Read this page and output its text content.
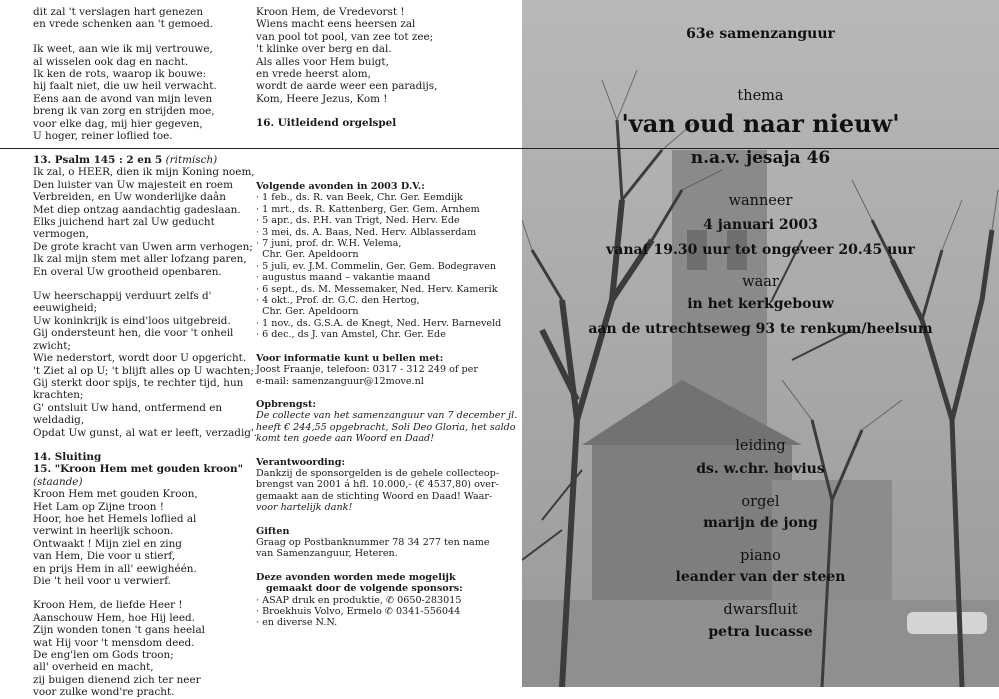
63e samenzanguur
thema
'van oud naar nieuw'
n.a.v. jesaja 46
wanneer
4 januari 2003
vanaf 19.30 uur tot ongeveer 20.45 uur
waar
in het kerkgebouw
aan de utrechtseweg 93 te renkum/heelsum
leiding
ds. w.chr. hovius
orgel
marijn de jong
piano
leander van der steen
dwarsfluit
petra lucasse

dit zal 't verslagen hart genezen

en vrede schenken aan 't gemoed.

Ik weet, aan wie ik mij vertrouwe,

al wisselen ook dag en nacht.

Ik ken de rots, waarop ik bouwe:

hij faalt niet, die uw heil verwacht.

Eens aan de avond van mijn leven

breng ik van zorg en strijden moe,

voor elke dag, mij hier gegeven,

U hoger, reiner loflied toe.

13. Psalm 145 : 2 en 5 (ritmisch)

Ik zal, o HEER, dien ik mijn Koning noem,

Den luister van Uw majesteit en roem

Verbreiden, en Uw wonderlijke daân

Met diep ontzag aandachtig gadeslaan.

Elks juichend hart zal Uw geducht vermogen,

De grote kracht van Uwen arm verhogen;

Ik zal mijn stem met aller lofzang paren,

En overal Uw grootheid openbaren.

Uw heerschappij verduurt zelfs d' eeuwigheid;

Uw koninkrijk is eind'loos uitgebreid.

Gij ondersteunt hen, die voor 't onheil zwicht;

Wie nederstort, wordt door U opgericht.

't Ziet al op U; 't blijft alles op U wachten;

Gij sterkt door spijs, te rechter tijd, hun krachten;

G' ontsluit Uw hand, ontfermend en weldadig,

Opdat Uw gunst, al wat er leeft, verzadig'.

14. Sluiting

15. "Kroon Hem met gouden kroon" (staande)

Kroon Hem met gouden Kroon,

Het Lam op Zijne troon !

Hoor, hoe het Hemels loflied al

verwint in heerlijk schoon.

Ontwaakt ! Mijn ziel en zing

van Hem, Die voor u stierf,

en prijs Hem in all' eewighéén.

Die 't heil voor u verwierf.

Kroon Hem, de liefde Heer !

Aanschouw Hem, hoe Hij leed.

Zijn wonden tonen 't gans heelal

wat Hij voor 't mensdom deed.

De eng'len om Gods troon;

all' overheid en macht,

zij buigen dienend zich ter neer

voor zulke wond're pracht.

Kroon Hem, de Vredevorst !

Wiens macht eens heersen zal

van pool tot pool, van zee tot zee;

't klinke over berg en dal.

Als alles voor Hem buigt,

en vrede heerst alom,

wordt de aarde weer een paradijs,

Kom, Heere Jezus, Kom !

16. Uitleidend orgelspel

Volgende avonden in 2003 D.V.:

· 1 feb., ds. R. van Beek, Chr. Ger. Eemdijk

· 1 mrt., ds. R. Kattenberg, Ger. Gem. Arnhem

· 5 apr., ds. P.H. van Trigt, Ned. Herv. Ede

· 3 mei, ds. A. Baas, Ned. Herv. Alblasserdam

· 7 juni, prof. dr. W.H. Velema,

Chr. Ger. Apeldoorn

· 5 juli, ev. J.M. Commelin, Ger. Gem. Bodegraven

· augustus maand – vakantie maand

· 6 sept., ds. M. Messemaker, Ned. Herv. Kamerik

· 4 okt., Prof. dr. G.C. den Hertog,

Chr. Ger. Apeldoorn

· 1 nov., ds. G.S.A. de Knegt, Ned. Herv. Barneveld

· 6 dec., ds J. van Amstel, Chr. Ger. Ede

Voor informatie kunt u bellen met:

Joost Fraanje, telefoon: 0317 - 312 249 of per

e-mail: samenzanguur@12move.nl

Opbrengst:

De collecte van het samenzanguur van 7 december jl.

heeft € 244,55 opgebracht, Soli Deo Gloria, het saldo

komt ten goede aan Woord en Daad!

Verantwoording:

Dankzij de sponsorgelden is de gehele collecteop-

brengst van 2001 á hfl. 10.000,- (€ 4537,80) over-

gemaakt aan de stichting Woord en Daad! Waar-

voor hartelijk dank!

Giften

Graag op Postbanknummer 78 34 277 ten name

van Samenzanguur, Heteren.

Deze avonden worden mede mogelijk

gemaakt door de volgende sponsors:

· ASAP druk en produktie, ✆ 0650-283015

· Broekhuis Volvo, Ermelo ✆ 0341-556044

· en diverse N.N.
